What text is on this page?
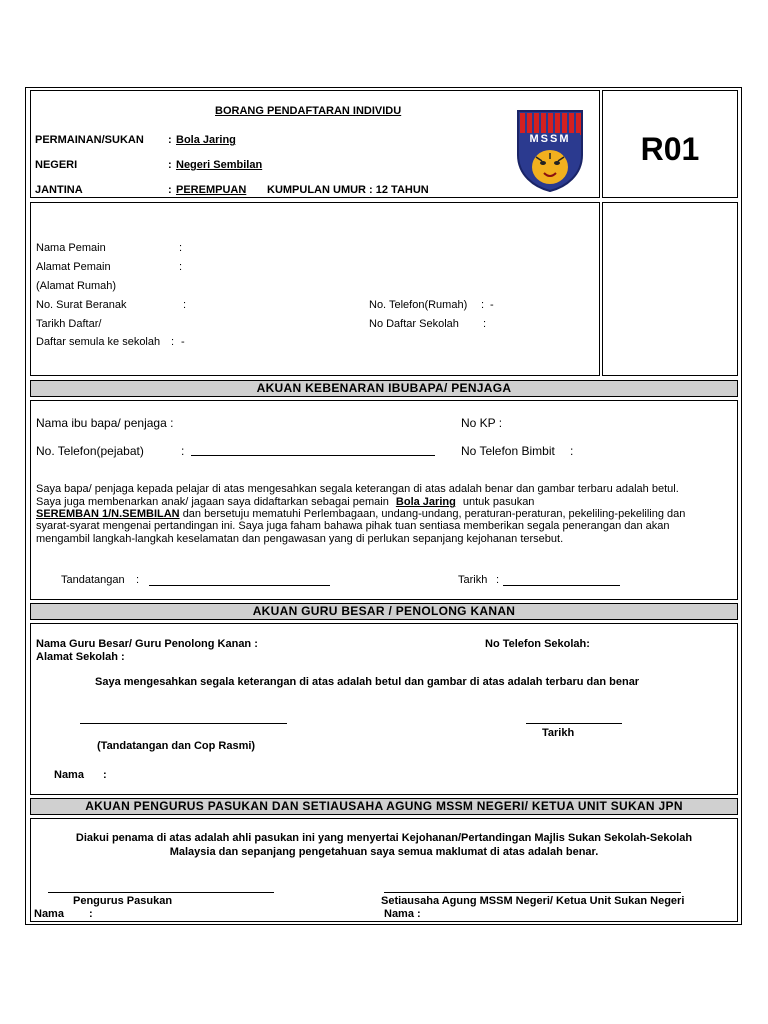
BORANG PENDAFTARAN INDIVIDU
PERMAINAN/SUKAN : Bola Jaring
NEGERI	: Negeri Sembilan
JANTINA	: PEREMPUAN KUMPULAN UMUR : 12 TAHUN
MSSM	R01
Nama Pemain	:
Alamat Pemain	:
(Alamat Rumah)
No. Surat Beranak	:	No. Telefon(Rumah) : -
Tarikh Daftar/	No Daftar Sekolah :
Daftar semula ke sekolah : -
AKUAN KEBENARAN IBUBAPA/ PENJAGA
Nama ibu bapa/ penjaga :	No KP :
No. Telefon(pejabat)	:	No Telefon Bimbit :
Saya bapa/ penjaga kepada pelajar di atas mengesahkan segala keterangan di atas adalah benar dan gambar terbaru adalah betul.
Saya juga membenarkan anak/ jagaan saya didaftarkan sebagai pemain Bola Jaring untuk pasukan
SEREMBAN 1/N.SEMBILAN dan bersetuju mematuhi Perlembagaan, undang-undang, peraturan-peraturan, pekeliling-pekeliling dan
syarat-syarat mengenai pertandingan ini. Saya juga faham bahawa pihak tuan sentiasa memberikan segala penerangan dan akan
mengambil langkah-langkah keselamatan dan pengawasan yang di perlukan sepanjang kejohanan tersebut.
Tandatangan :	Tarikh :
AKUAN GURU BESAR / PENOLONG KANAN
Nama Guru Besar/ Guru Penolong Kanan :	No Telefon Sekolah:
Alamat Sekolah :
Saya mengesahkan segala keterangan di atas adalah betul dan gambar di atas adalah terbaru dan benar
Tarikh
(Tandatangan dan Cop Rasmi)
Nama :
AKUAN PENGURUS PASUKAN DAN SETIAUSAHA AGUNG MSSM NEGERI/ KETUA UNIT SUKAN JPN
Diakui penama di atas adalah ahli pasukan ini yang menyertai Kejohanan/Pertandingan Majlis Sukan Sekolah-Sekolah
Malaysia dan sepanjang pengetahuan saya semua maklumat di atas adalah benar.
Pengurus Pasukan	Setiausaha Agung MSSM Negeri/ Ketua Unit Sukan Negeri
Nama :	Nama :
